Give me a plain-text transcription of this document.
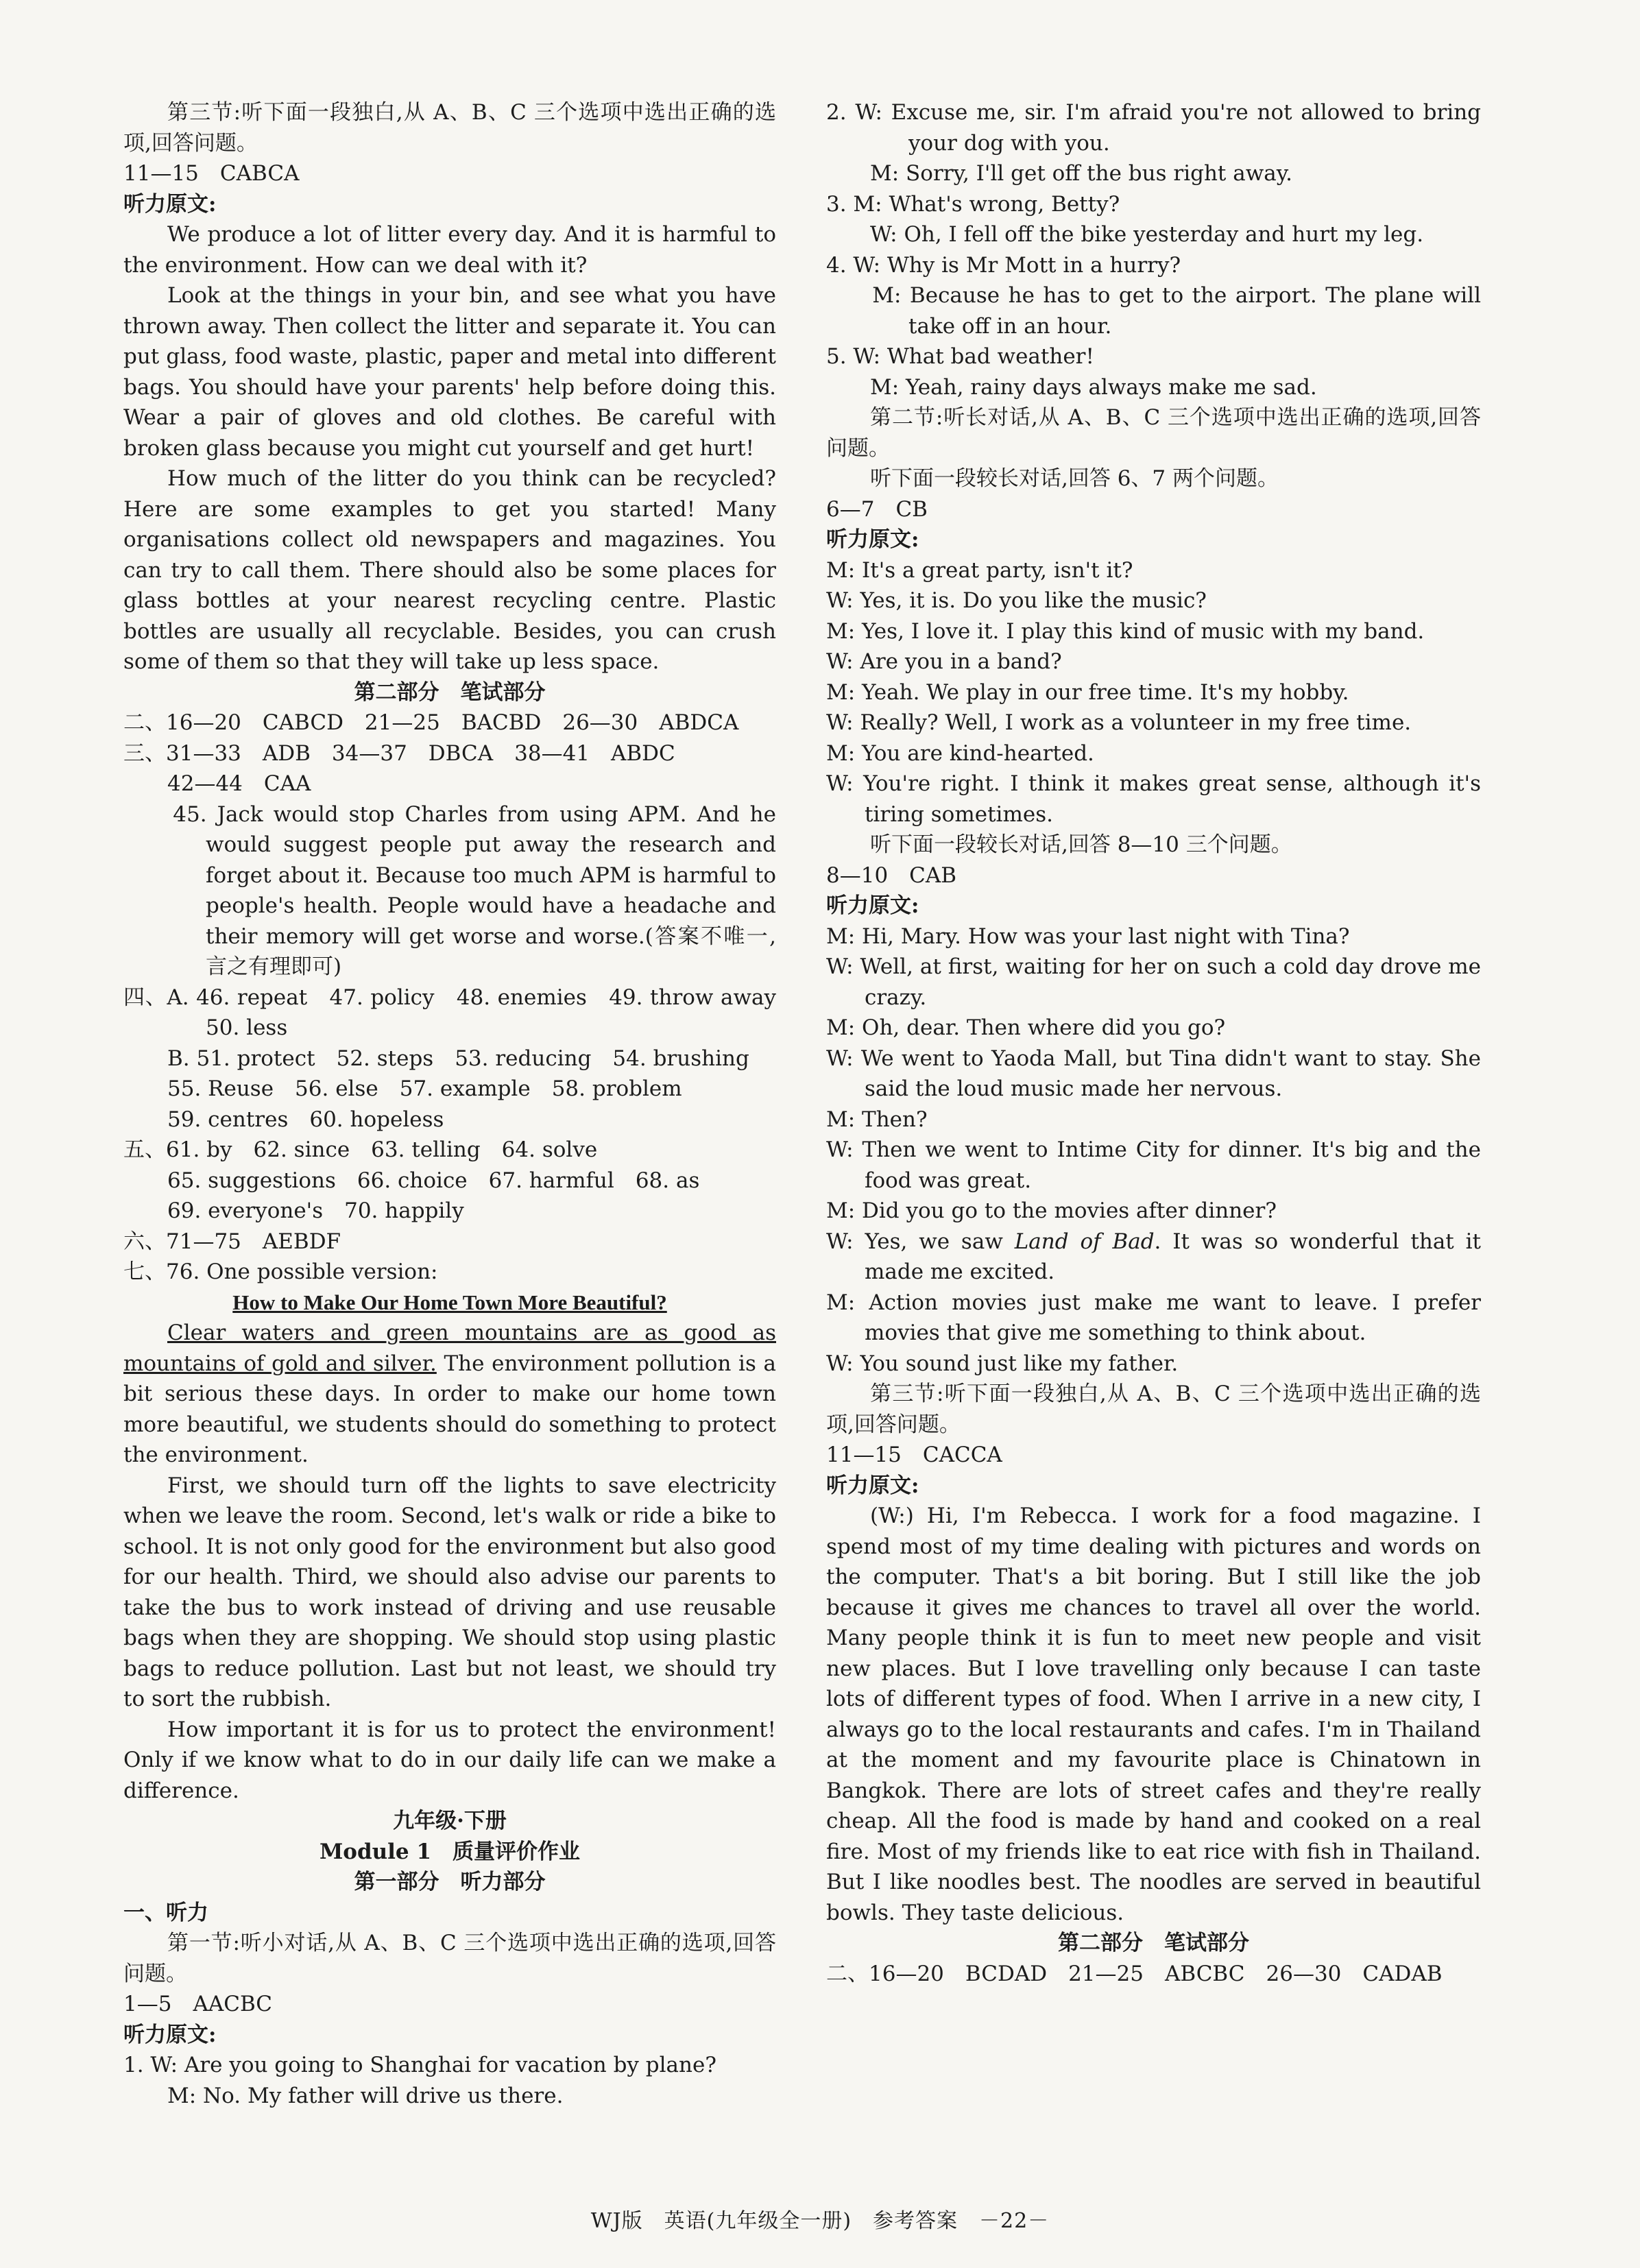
第三节:听下面一段独白,从 A、B、C 三个选项中选出正确的选项,回答问题。

11—15　CABCA

听力原文:

We produce a lot of litter every day. And it is harmful to the environment. How can we deal with it?

Look at the things in your bin, and see what you have thrown away. Then collect the litter and separate it. You can put glass, food waste, plastic, paper and metal into different bags. You should have your parents' help before doing this. Wear a pair of gloves and old clothes. Be careful with broken glass because you might cut yourself and get hurt!

How much of the litter do you think can be recycled? Here are some examples to get you started! Many organisations collect old newspapers and magazines. You can try to call them. There should also be some places for glass bottles at your nearest recycling centre. Plastic bottles are usually all recyclable. Besides, you can crush some of them so that they will take up less space.

第二部分　笔试部分

二、16—20　CABCD　21—25　BACBD　26—30　ABDCA

三、31—33　ADB　34—37　DBCA　38—41　ABDC

42—44　CAA

　　45. Jack would stop Charles from using APM. And he would suggest people put away the research and forget about it. Because too much APM is harmful to people's health. People would have a headache and their memory will get worse and worse.(答案不唯一,言之有理即可)

四、A. 46. repeat　47. policy　48. enemies　49. throw away　50. less

B. 51. protect　52. steps　53. reducing　54. brushing

55. Reuse　56. else　57. example　58. problem

59. centres　60. hopeless

五、61. by　62. since　63. telling　64. solve

65. suggestions　66. choice　67. harmful　68. as

69. everyone's　70. happily

六、71—75　AEBDF

七、76. One possible version:

How to Make Our Home Town More Beautiful?

Clear waters and green mountains are as good as mountains of gold and silver. The environment pollution is a bit serious these days. In order to make our home town more beautiful, we students should do something to protect the environment.

First, we should turn off the lights to save electricity when we leave the room. Second, let's walk or ride a bike to school. It is not only good for the environment but also good for our health. Third, we should also advise our parents to take the bus to work instead of driving and use reusable bags when they are shopping. We should stop using plastic bags to reduce pollution. Last but not least, we should try to sort the rubbish.

How important it is for us to protect the environment! Only if we know what to do in our daily life can we make a difference.

九年级·下册

Module 1　质量评价作业

第一部分　听力部分

一、听力

第一节:听小对话,从 A、B、C 三个选项中选出正确的选项,回答问题。

1—5　AACBC

听力原文:

1. W: Are you going to Shanghai for vacation by plane?

M: No. My father will drive us there.

2. W: Excuse me, sir. I'm afraid you're not allowed to bring your dog with you.

M: Sorry, I'll get off the bus right away.

3. M: What's wrong, Betty?

W: Oh, I fell off the bike yesterday and hurt my leg.

4. W: Why is Mr Mott in a hurry?

　　M: Because he has to get to the airport. The plane will take off in an hour.

5. W: What bad weather!

M: Yeah, rainy days always make me sad.

第二节:听长对话,从 A、B、C 三个选项中选出正确的选项,回答问题。

听下面一段较长对话,回答 6、7 两个问题。

6—7　CB

听力原文:

M: It's a great party, isn't it?

W: Yes, it is. Do you like the music?

M: Yes, I love it. I play this kind of music with my band.

W: Are you in a band?

M: Yeah. We play in our free time. It's my hobby.

W: Really? Well, I work as a volunteer in my free time.

M: You are kind-hearted.

W: You're right. I think it makes great sense, although it's tiring sometimes.

听下面一段较长对话,回答 8—10 三个问题。

8—10　CAB

听力原文:

M: Hi, Mary. How was your last night with Tina?

W: Well, at first, waiting for her on such a cold day drove me crazy.

M: Oh, dear. Then where did you go?

W: We went to Yaoda Mall, but Tina didn't want to stay. She said the loud music made her nervous.

M: Then?

W: Then we went to Intime City for dinner. It's big and the food was great.

M: Did you go to the movies after dinner?

W: Yes, we saw Land of Bad. It was so wonderful that it made me excited.

M: Action movies just make me want to leave. I prefer movies that give me something to think about.

W: You sound just like my father.

第三节:听下面一段独白,从 A、B、C 三个选项中选出正确的选项,回答问题。

11—15　CACCA

听力原文:

(W:) Hi, I'm Rebecca. I work for a food magazine. I spend most of my time dealing with pictures and words on the computer. That's a bit boring. But I still like the job because it gives me chances to travel all over the world. Many people think it is fun to meet new people and visit new places. But I love travelling only because I can taste lots of different types of food. When I arrive in a new city, I always go to the local restaurants and cafes. I'm in Thailand at the moment and my favourite place is Chinatown in Bangkok. There are lots of street cafes and they're really cheap. All the food is made by hand and cooked on a real fire. Most of my friends like to eat rice with fish in Thailand. But I like noodles best. The noodles are served in beautiful bowls. They taste delicious.

第二部分　笔试部分

二、16—20　BCDAD　21—25　ABCBC　26—30　CADAB

WJ版　英语(九年级全一册)　参考答案　－22－
